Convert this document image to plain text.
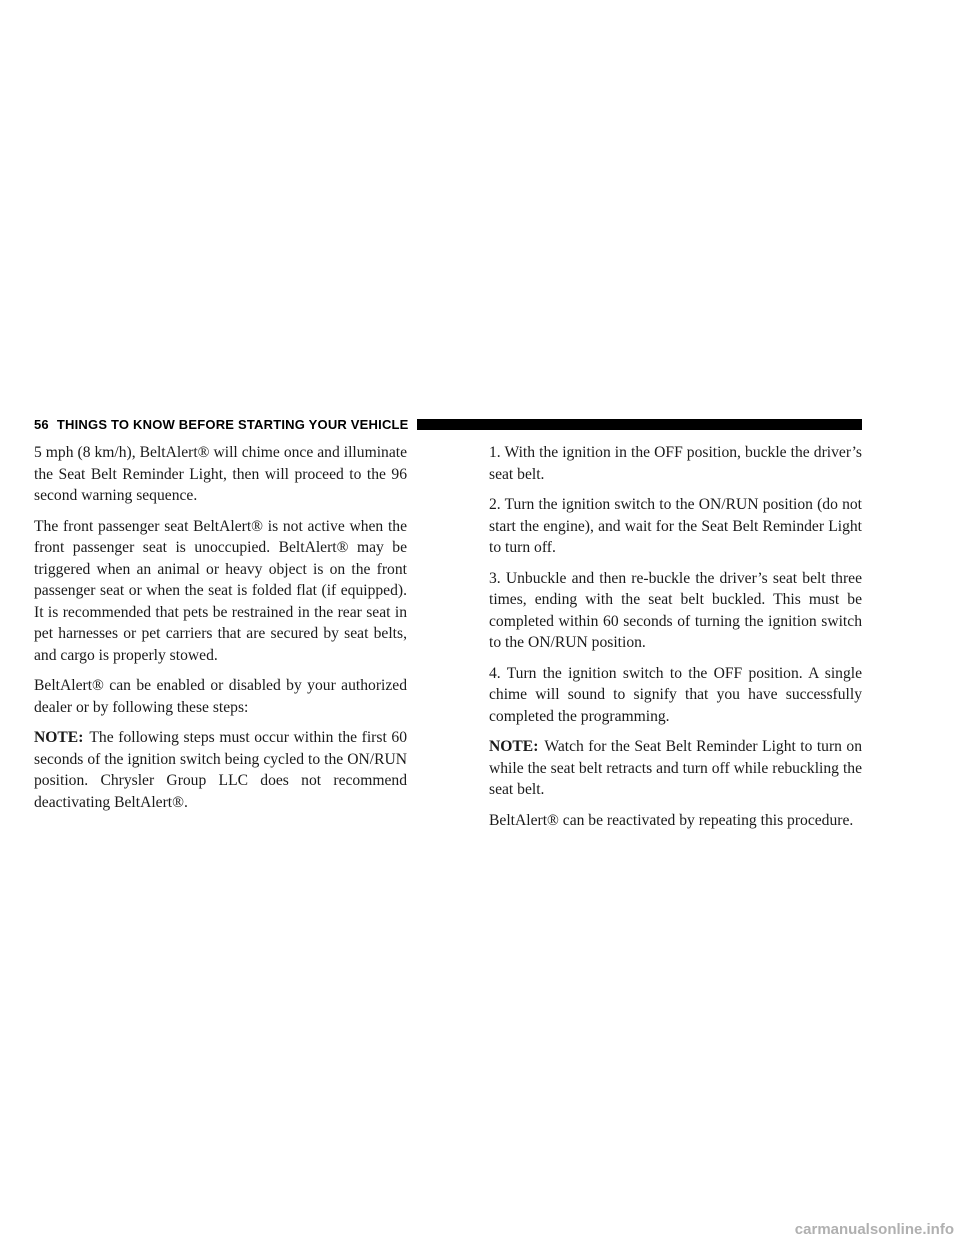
56 THINGS TO KNOW BEFORE STARTING YOUR VEHICLE

5 mph (8 km/h), BeltAlert® will chime once and illuminate the Seat Belt Reminder Light, then will proceed to the 96 second warning sequence.

The front passenger seat BeltAlert® is not active when the front passenger seat is unoccupied. BeltAlert® may be triggered when an animal or heavy object is on the front passenger seat or when the seat is folded flat (if equipped). It is recommended that pets be restrained in the rear seat in pet harnesses or pet carriers that are secured by seat belts, and cargo is properly stowed.

BeltAlert® can be enabled or disabled by your authorized dealer or by following these steps:

NOTE: The following steps must occur within the first 60 seconds of the ignition switch being cycled to the ON/RUN position. Chrysler Group LLC does not recommend deactivating BeltAlert®.

1. With the ignition in the OFF position, buckle the driver’s seat belt.

2. Turn the ignition switch to the ON/RUN position (do not start the engine), and wait for the Seat Belt Reminder Light to turn off.

3. Unbuckle and then re-buckle the driver’s seat belt three times, ending with the seat belt buckled. This must be completed within 60 seconds of turning the ignition switch to the ON/RUN position.

4. Turn the ignition switch to the OFF position. A single chime will sound to signify that you have successfully completed the programming.

NOTE: Watch for the Seat Belt Reminder Light to turn on while the seat belt retracts and turn off while rebuckling the seat belt.

BeltAlert® can be reactivated by repeating this procedure.

carmanualsonline.info
